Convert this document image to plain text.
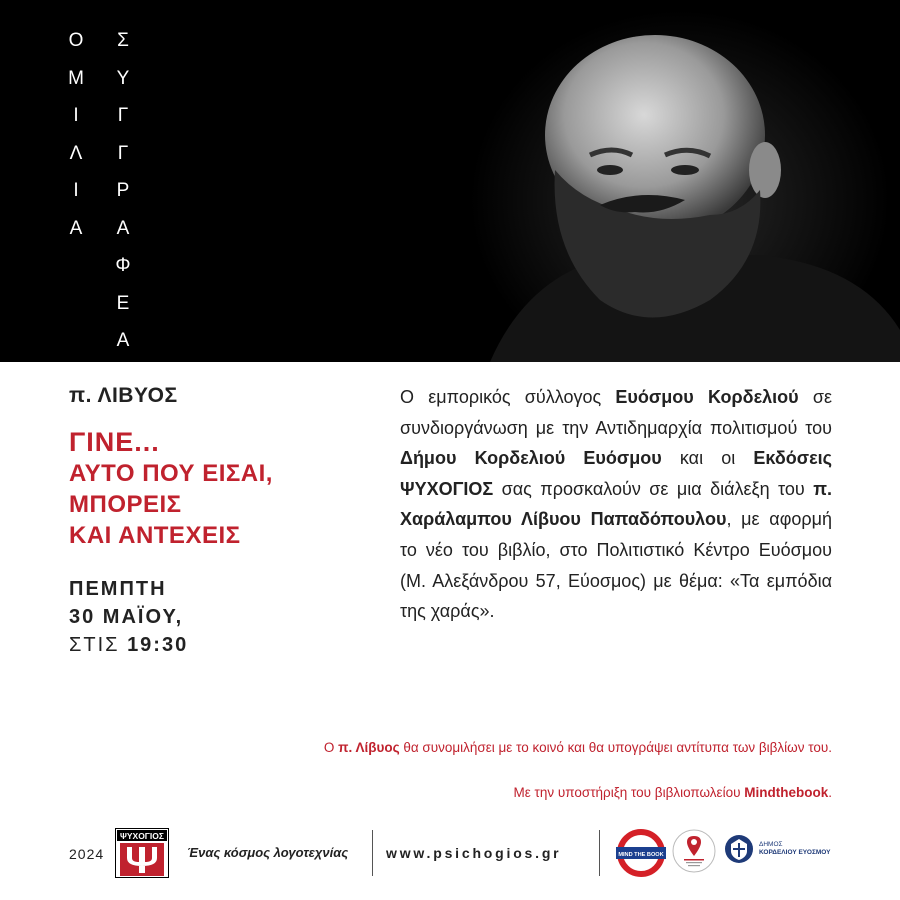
Ο
Μ
Ι
Λ
Ι
Α
Σ
Υ
Γ
Γ
Ρ
Α
Φ
Ε
Α
π. ΛΙΒΥΟΣ
ΓΙΝΕ...
ΑΥΤΟ ΠΟΥ ΕΙΣΑΙ,
ΜΠΟΡΕΙΣ
ΚΑΙ ΑΝΤΕΧΕΙΣ
ΠΕΜΠΤΗ
30 ΜΑΪΟΥ,
ΣΤΙΣ 19:30
Ο εμπορικός σύλλογος Ευόσμου Κορδελιού σε συνδιοργάνωση με την Αντιδημαρχία πολιτισμού του Δήμου Κορδελιού Ευόσμου και οι Εκδόσεις ΨΥΧΟΓΙΟΣ σας προσκαλούν σε μια διάλεξη του π. Χαράλαμπου Λίβυου Παπαδόπουλου, με αφορμή το νέο του βιβλίο, στο Πολιτιστικό Κέντρο Ευόσμου (Μ. Αλεξάνδρου 57, Εύοσμος) με θέμα: «Τα εμπόδια της χαράς».
Ο π. Λίβυος θα συνομιλήσει με το κοινό και θα υπογράψει αντίτυπα των βιβλίων του.
Με την υποστήριξη του βιβλιοπωλείου Mindthebook.
2024
ΨΥΧΟΓΙΟΣ
Ένας κόσμος λογοτεχνίας	www.psichogios.gr	MIND THE BOOK
ΔΗΜΟΣ
ΚΟΡΔΕΛΙΟΥ ΕΥΟΣΜΟΥ
